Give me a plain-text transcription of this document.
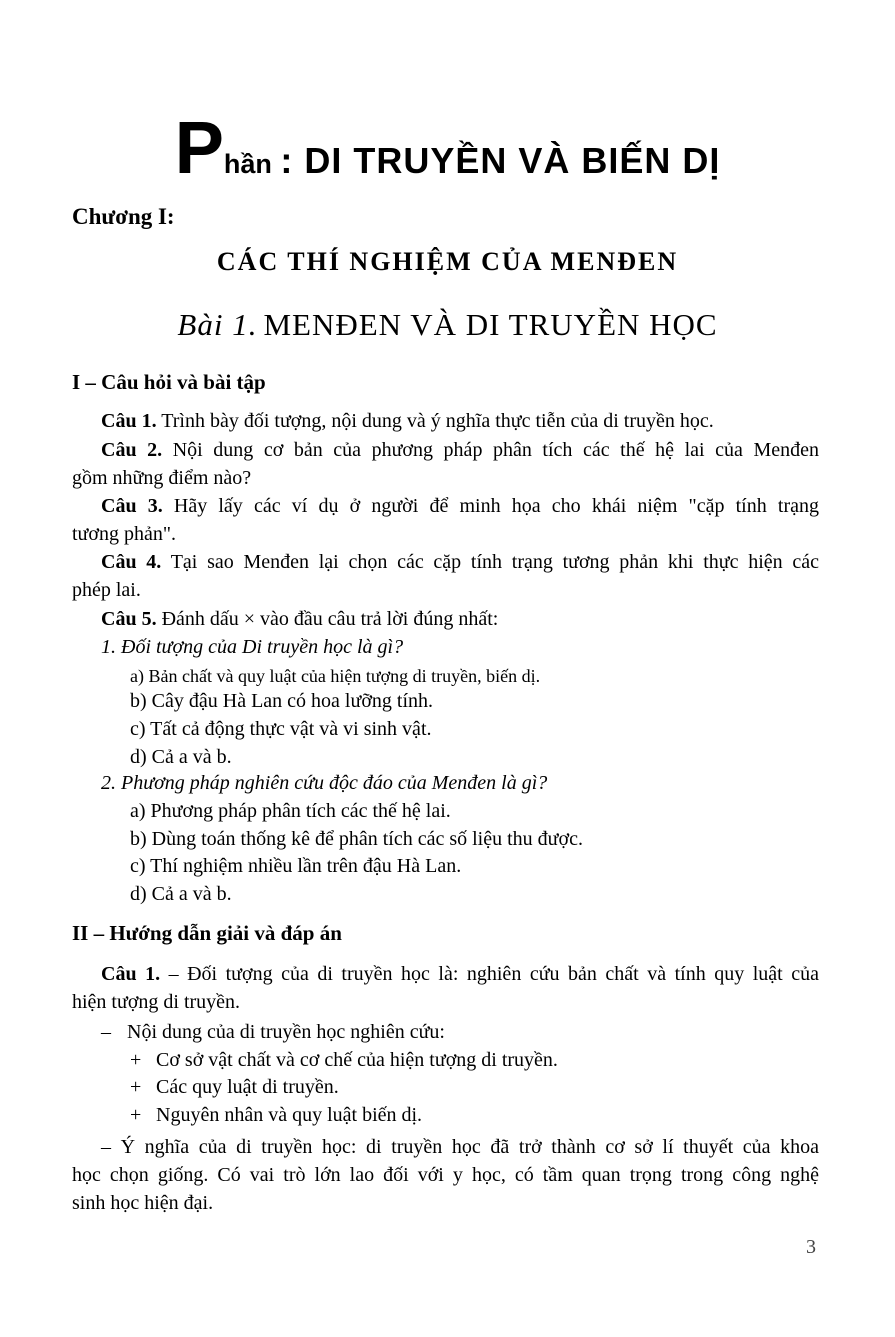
Phần : DI TRUYỀN VÀ BIẾN DỊ
Chương I:
CÁC THÍ NGHIỆM CỦA MENĐEN
Bài 1. MENĐEN VÀ DI TRUYỀN HỌC
I – Câu hỏi và bài tập
Câu 1. Trình bày đối tượng, nội dung và ý nghĩa thực tiễn của di truyền học.
Câu 2. Nội dung cơ bản của phương pháp phân tích các thế hệ lai của Menđen
gồm những điểm nào?
Câu 3. Hãy lấy các ví dụ ở người để minh họa cho khái niệm "cặp tính trạng
tương phản".
Câu 4. Tại sao Menđen lại chọn các cặp tính trạng tương phản khi thực hiện các
phép lai.
Câu 5. Đánh dấu × vào đầu câu trả lời đúng nhất:
1. Đối tượng của Di truyền học là gì?
a) Bản chất và quy luật của hiện tượng di truyền, biến dị.
b) Cây đậu Hà Lan có hoa lưỡng tính.
c) Tất cả động thực vật và vi sinh vật.
d) Cả a và b.
2. Phương pháp nghiên cứu độc đáo của Menđen là gì?
a) Phương pháp phân tích các thế hệ lai.
b) Dùng toán thống kê để phân tích các số liệu thu được.
c) Thí nghiệm nhiều lần trên đậu Hà Lan.
d) Cả a và b.
II – Hướng dẫn giải và đáp án
Câu 1. – Đối tượng của di truyền học là: nghiên cứu bản chất và tính quy luật của
hiện tượng di truyền.
– Nội dung của di truyền học nghiên cứu:
+ Cơ sở vật chất và cơ chế của hiện tượng di truyền.
+ Các quy luật di truyền.
+ Nguyên nhân và quy luật biến dị.
– Ý nghĩa của di truyền học: di truyền học đã trở thành cơ sở lí thuyết của khoa
học chọn giống. Có vai trò lớn lao đối với y học, có tầm quan trọng trong công nghệ
sinh học hiện đại.
3
